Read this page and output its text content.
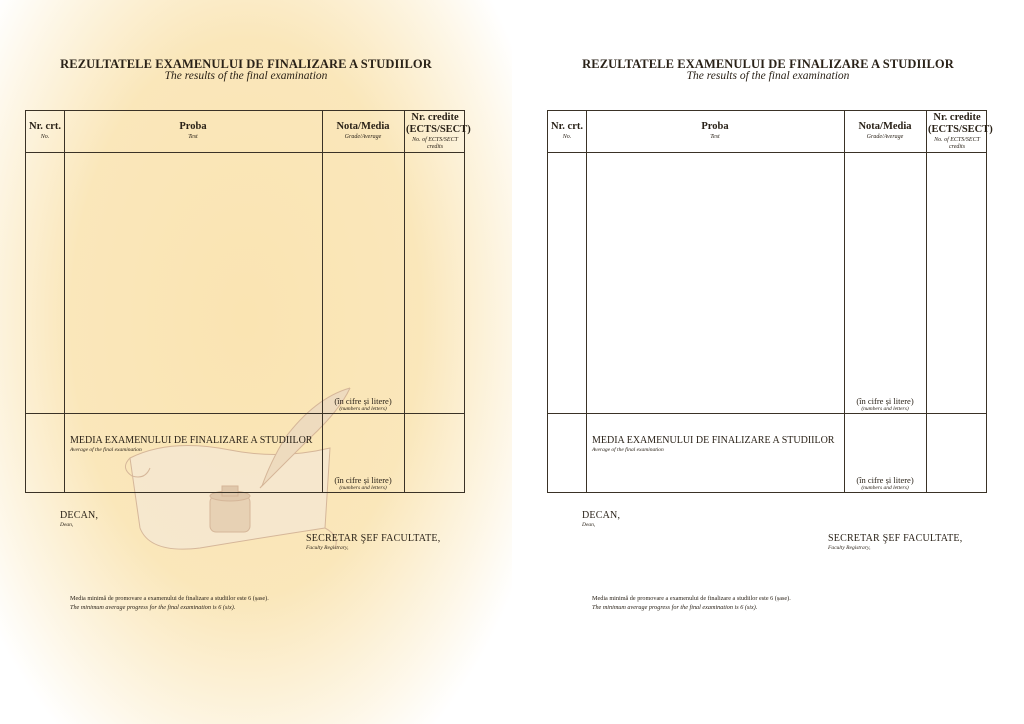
REZULTATELE EXAMENULUI DE FINALIZARE A STUDIILOR
The results of the final examination
Nr. crt.
No.
Proba
Test
Nota/Media
Grade/Average
Nr. credite (ECTS/SECT)
No. of ECTS/SECT credits
(în cifre și litere)
(numbers and letters)
MEDIA EXAMENULUI DE FINALIZARE A STUDIILOR
Average of the final examination
(în cifre și litere)
(numbers and letters)
DECAN,
Dean,
SECRETAR ŞEF FACULTATE,
Faculty Registrary,
Media minimă de promovare a examenului de finalizare a studiilor este 6 (șase).
The minimum average progress for the final examination is 6 (six).
REZULTATELE EXAMENULUI DE FINALIZARE A STUDIILOR
The results of the final examination
Nr. crt.
No.
Proba
Test
Nota/Media
Grade/Average
Nr. credite (ECTS/SECT)
No. of ECTS/SECT credits
(în cifre și litere)
(numbers and letters)
MEDIA EXAMENULUI DE FINALIZARE A STUDIILOR
Average of the final examination
(în cifre și litere)
(numbers and letters)
DECAN,
Dean,
SECRETAR ŞEF FACULTATE,
Faculty Registrary,
Media minimă de promovare a examenului de finalizare a studiilor este 6 (șase).
The minimum average progress for the final examination is 6 (six).
